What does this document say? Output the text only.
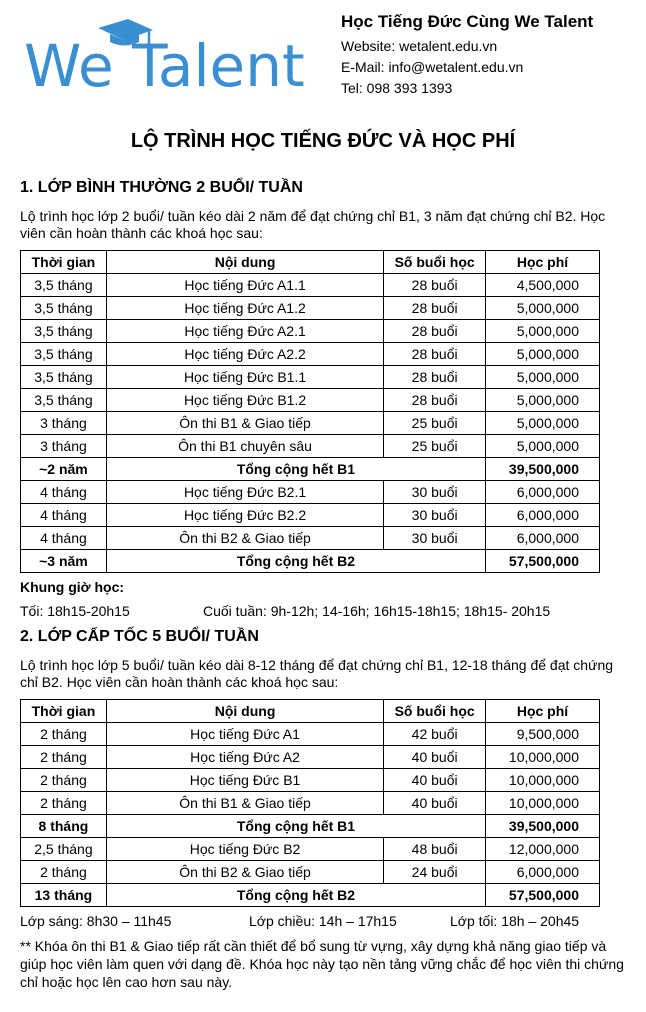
We Talent
Học Tiếng Đức Cùng We Talent
Website: wetalent.edu.vn
E-Mail: info@wetalent.edu.vn
Tel: 098 393 1393
LỘ TRÌNH HỌC TIẾNG ĐỨC VÀ HỌC PHÍ
1. LỚP BÌNH THƯỜNG 2 BUỔI/ TUẦN

Lộ trình học lớp 2 buổi/ tuần kéo dài 2 năm để đạt chứng chỉ B1, 3 năm đạt chứng chỉ B2. Học viên cần hoàn thành các khoá học sau:

Thời gian	Nội dung	Số buổi học	Học phí
3,5 tháng	Học tiếng Đức A1.1	28 buổi	4,500,000
3,5 tháng	Học tiếng Đức A1.2	28 buổi	5,000,000
3,5 tháng	Học tiếng Đức A2.1	28 buổi	5,000,000
3,5 tháng	Học tiếng Đức A2.2	28 buổi	5,000,000
3,5 tháng	Học tiếng Đức B1.1	28 buổi	5,000,000
3,5 tháng	Học tiếng Đức B1.2	28 buổi	5,000,000
3 tháng	Ôn thi B1 & Giao tiếp	25 buổi	5,000,000
3 tháng	Ôn thi B1 chuyên sâu	25 buổi	5,000,000
~2 năm	Tổng cộng hết B1		39,500,000
4 tháng	Học tiếng Đức B2.1	30 buổi	6,000,000
4 tháng	Học tiếng Đức B2.2	30 buổi	6,000,000
4 tháng	Ôn thi B2 & Giao tiếp	30 buổi	6,000,000
~3 năm	Tổng cộng hết B2		57,500,000
Khung giờ học:
Tối: 18h15-20h15	Cuối tuần: 9h-12h; 14-16h; 16h15-18h15; 18h15- 20h15
2. LỚP CẤP TỐC 5 BUỔI/ TUẦN

Lộ trình học lớp 5 buổi/ tuần kéo dài 8-12 tháng để đạt chứng chỉ B1, 12-18 tháng để đạt chứng chỉ B2. Học viên cần hoàn thành các khoá học sau:

Thời gian	Nội dung	Số buổi học	Học phí
2 tháng	Học tiếng Đức A1	42 buổi	9,500,000
2 tháng	Học tiếng Đức A2	40 buổi	10,000,000
2 tháng	Học tiếng Đức B1	40 buổi	10,000,000
2 tháng	Ôn thi B1 & Giao tiếp	40 buổi	10,000,000
8 tháng	Tổng cộng hết B1		39,500,000
2,5 tháng	Học tiếng Đức B2	48 buổi	12,000,000
2 tháng	Ôn thi B2 & Giao tiếp	24 buổi	6,000,000
13 tháng	Tổng cộng hết B2		57,500,000
Lớp sáng: 8h30 – 11h45	Lớp chiều: 14h – 17h15	Lớp tối: 18h – 20h45

** Khóa ôn thi B1 & Giao tiếp rất cần thiết để bổ sung từ vựng, xây dựng khả năng giao tiếp và giúp học viên làm quen với dạng đề. Khóa học này tạo nền tảng vững chắc để học viên thi chứng chỉ hoặc học lên cao hơn sau này.
